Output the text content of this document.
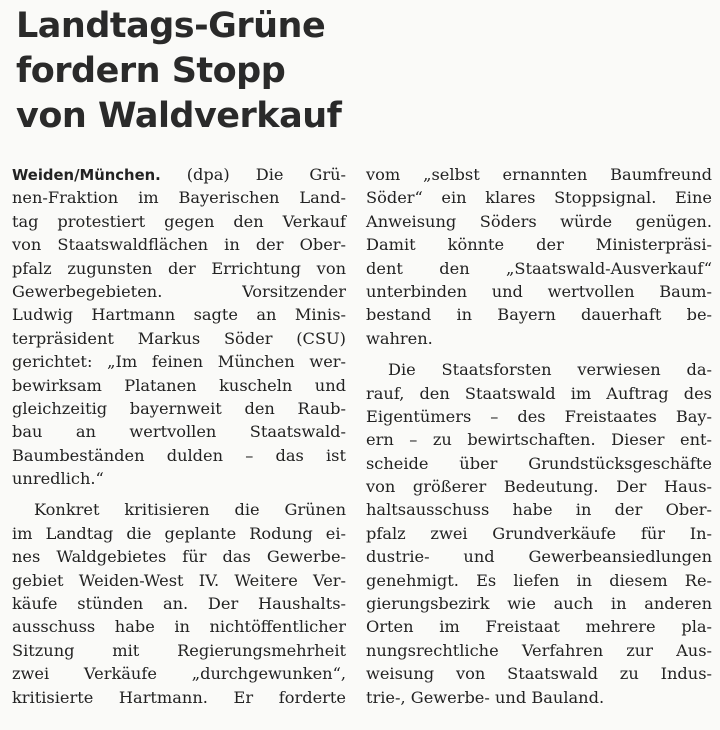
Landtags-Grüne
fordern Stopp
von Waldverkauf
Weiden/München. (dpa) Die Grü-
nen-Fraktion im Bayerischen Land-
tag protestiert gegen den Verkauf
von Staatswaldflächen in der Ober-
pfalz zugunsten der Errichtung von
Gewerbegebieten. Vorsitzender
Ludwig Hartmann sagte an Minis-
terpräsident Markus Söder (CSU)
gerichtet: „Im feinen München wer-
bewirksam Platanen kuscheln und
gleichzeitig bayernweit den Raub-
bau an wertvollen Staatswald-
Baumbeständen dulden – das ist
unredlich.“
Konkret kritisieren die Grünen
im Landtag die geplante Rodung ei-
nes Waldgebietes für das Gewerbe-
gebiet Weiden-West IV. Weitere Ver-
käufe stünden an. Der Haushalts-
ausschuss habe in nichtöffentlicher
Sitzung mit Regierungsmehrheit
zwei Verkäufe „durchgewunken“,
kritisierte Hartmann. Er forderte
vom „selbst ernannten Baumfreund
Söder“ ein klares Stoppsignal. Eine
Anweisung Söders würde genügen.
Damit könnte der Ministerpräsi-
dent den „Staatswald-Ausverkauf“
unterbinden und wertvollen Baum-
bestand in Bayern dauerhaft be-
wahren.
Die Staatsforsten verwiesen da-
rauf, den Staatswald im Auftrag des
Eigentümers – des Freistaates Bay-
ern – zu bewirtschaften. Dieser ent-
scheide über Grundstücksgeschäfte
von größerer Bedeutung. Der Haus-
haltsausschuss habe in der Ober-
pfalz zwei Grundverkäufe für In-
dustrie- und Gewerbeansiedlungen
genehmigt. Es liefen in diesem Re-
gierungsbezirk wie auch in anderen
Orten im Freistaat mehrere pla-
nungsrechtliche Verfahren zur Aus-
weisung von Staatswald zu Indus-
trie-, Gewerbe- und Bauland.
